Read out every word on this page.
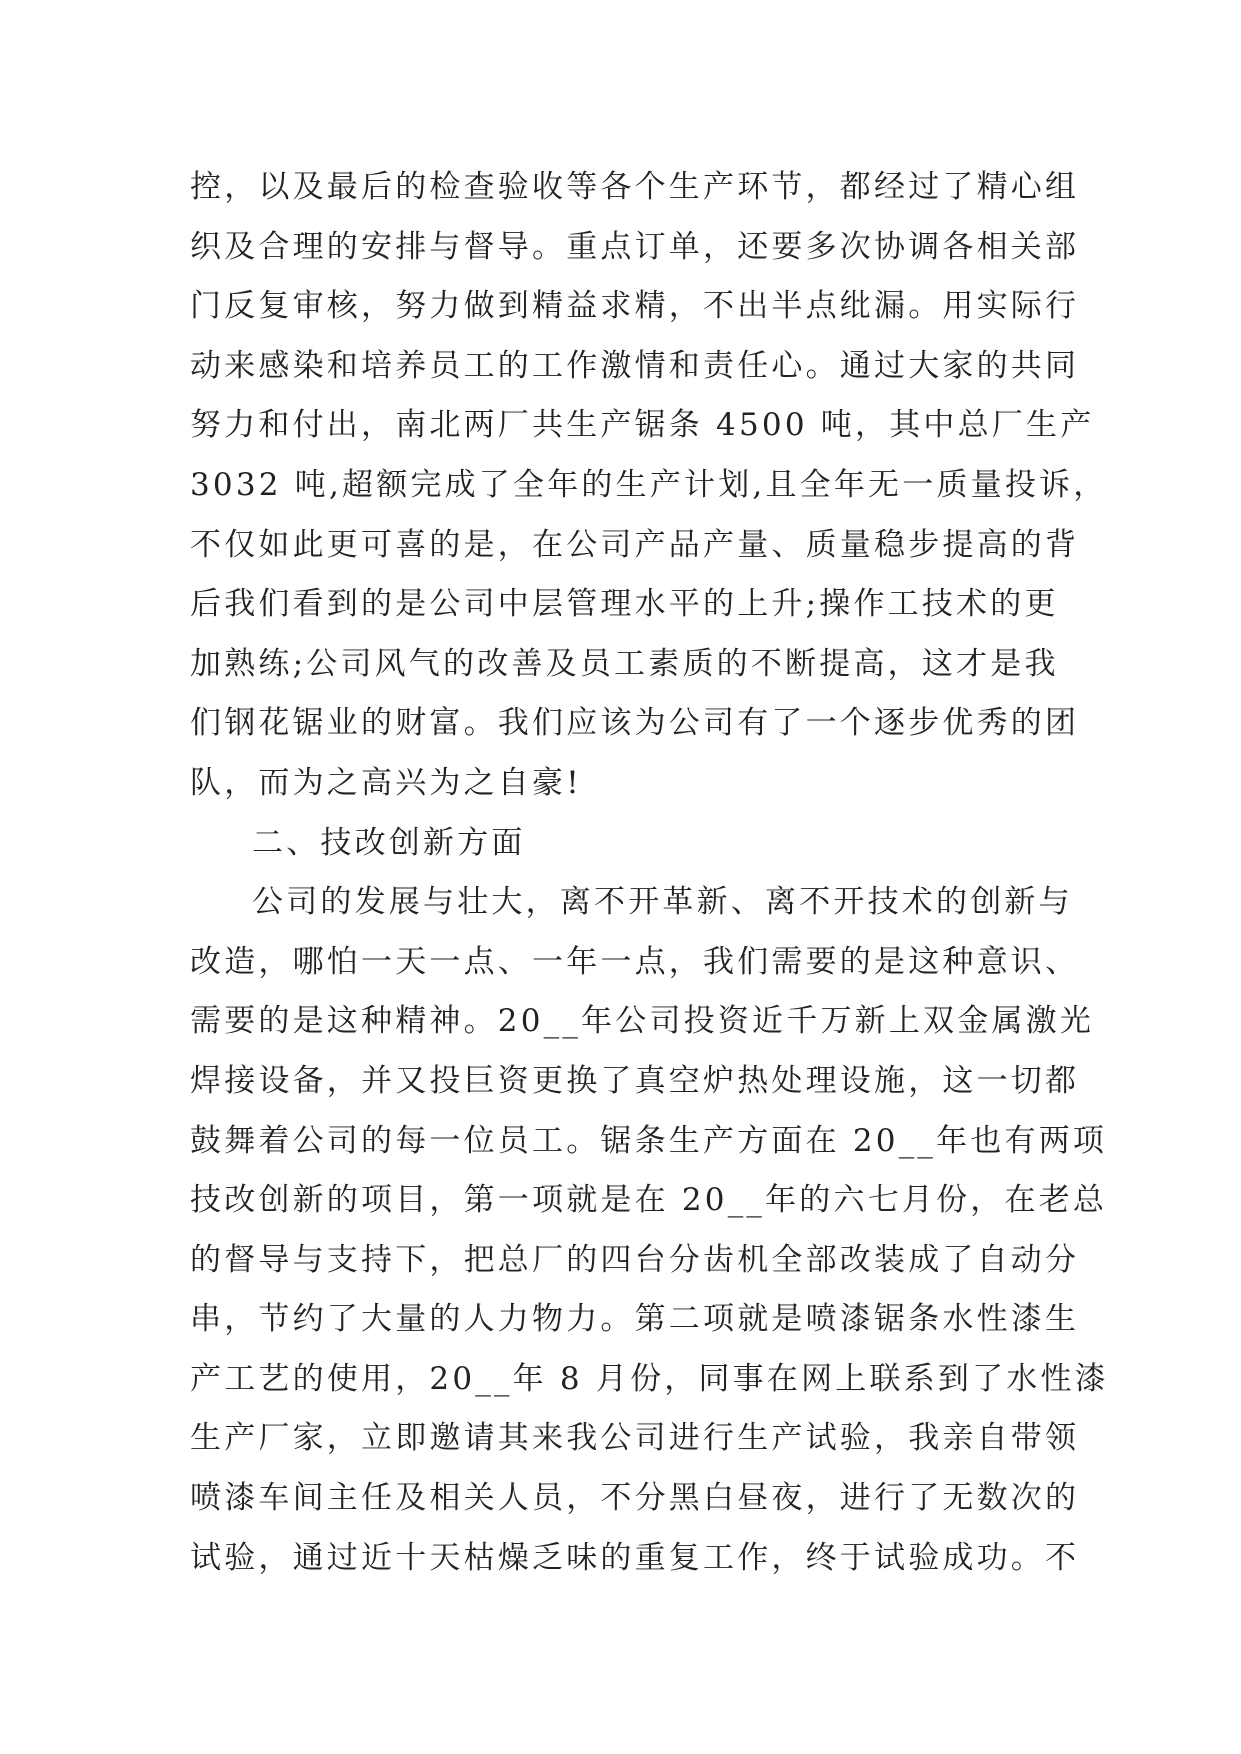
控，以及最后的检查验收等各个生产环节，都经过了精心组
织及合理的安排与督导。重点订单，还要多次协调各相关部
门反复审核，努力做到精益求精，不出半点纰漏。用实际行
动来感染和培养员工的工作激情和责任心。通过大家的共同
努力和付出，南北两厂共生产锯条 4500 吨，其中总厂生产
3032 吨,超额完成了全年的生产计划,且全年无一质量投诉，
不仅如此更可喜的是，在公司产品产量、质量稳步提高的背
后我们看到的是公司中层管理水平的上升;操作工技术的更
加熟练;公司风气的改善及员工素质的不断提高，这才是我
们钢花锯业的财富。我们应该为公司有了一个逐步优秀的团
队，而为之高兴为之自豪!
二、技改创新方面
公司的发展与壮大，离不开革新、离不开技术的创新与
改造，哪怕一天一点、一年一点，我们需要的是这种意识、
需要的是这种精神。20__年公司投资近千万新上双金属激光
焊接设备，并又投巨资更换了真空炉热处理设施，这一切都
鼓舞着公司的每一位员工。锯条生产方面在 20__年也有两项
技改创新的项目，第一项就是在 20__年的六七月份，在老总
的督导与支持下，把总厂的四台分齿机全部改装成了自动分
串，节约了大量的人力物力。第二项就是喷漆锯条水性漆生
产工艺的使用，20__年 8 月份，同事在网上联系到了水性漆
生产厂家，立即邀请其来我公司进行生产试验，我亲自带领
喷漆车间主任及相关人员，不分黑白昼夜，进行了无数次的
试验，通过近十天枯燥乏味的重复工作，终于试验成功。不
